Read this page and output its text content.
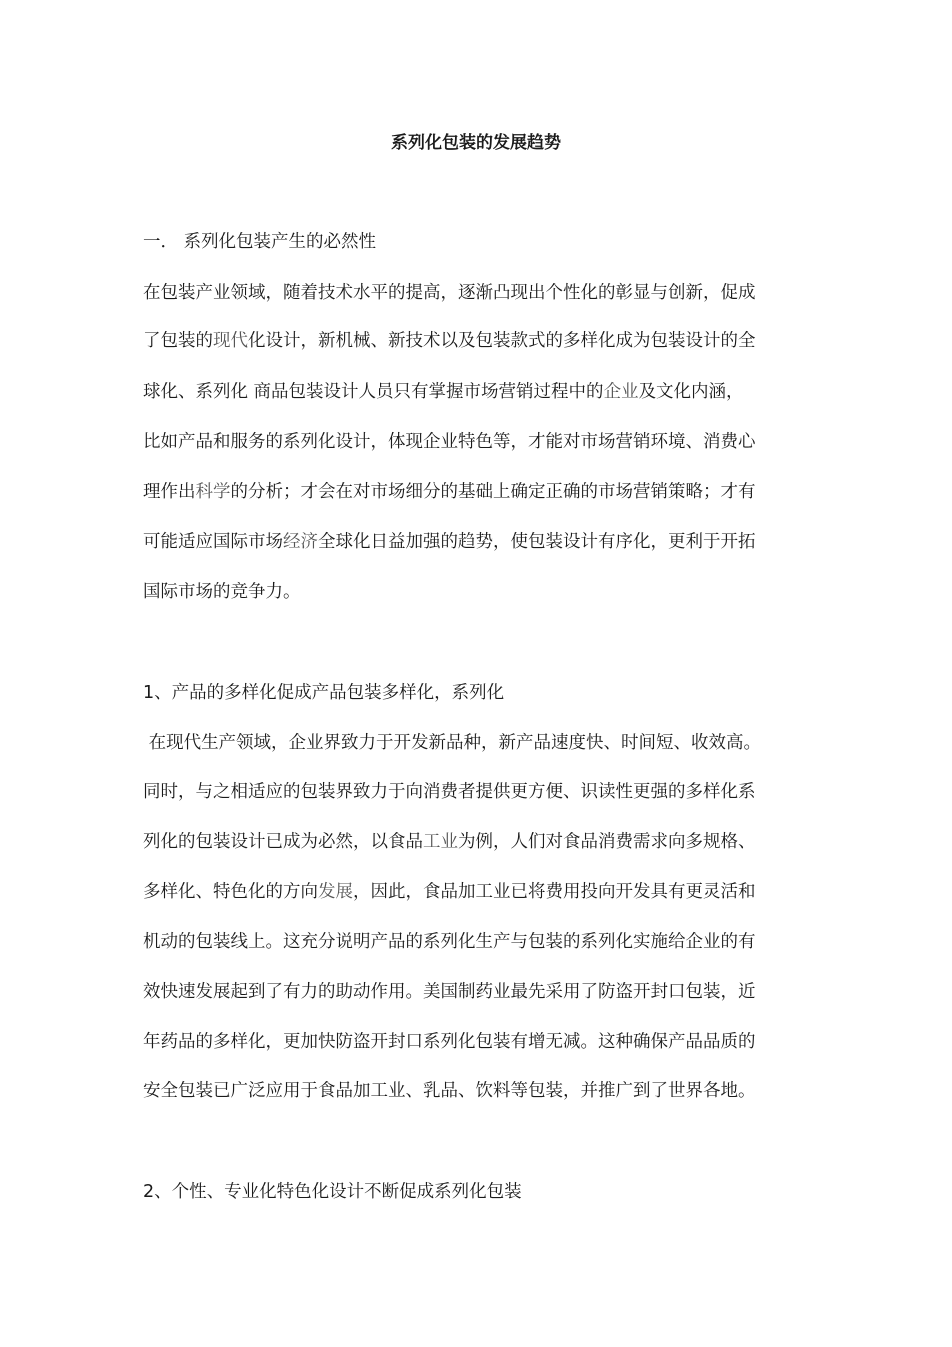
系列化包装的发展趋势
一． 系列化包装产生的必然性
在包装产业领域，随着技术水平的提高，逐渐凸现出个性化的彰显与创新，促成
了包装的现代化设计，新机械、新技术以及包装款式的多样化成为包装设计的全
球化、系列化 商品包装设计人员只有掌握市场营销过程中的企业及文化内涵，
比如产品和服务的系列化设计，体现企业特色等，才能对市场营销环境、消费心
理作出科学的分析；才会在对市场细分的基础上确定正确的市场营销策略；才有
可能适应国际市场经济全球化日益加强的趋势，使包装设计有序化，更利于开拓
国际市场的竞争力。
1、产品的多样化促成产品包装多样化，系列化
在现代生产领域，企业界致力于开发新品种，新产品速度快、时间短、收效高。
同时，与之相适应的包装界致力于向消费者提供更方便、识读性更强的多样化系
列化的包装设计已成为必然，以食品工业为例，人们对食品消费需求向多规格、
多样化、特色化的方向发展，因此，食品加工业已将费用投向开发具有更灵活和
机动的包装线上。这充分说明产品的系列化生产与包装的系列化实施给企业的有
效快速发展起到了有力的助动作用。美国制药业最先采用了防盗开封口包装，近
年药品的多样化，更加快防盗开封口系列化包装有增无减。这种确保产品品质的
安全包装已广泛应用于食品加工业、乳品、饮料等包装，并推广到了世界各地。
2、个性、专业化特色化设计不断促成系列化包装
